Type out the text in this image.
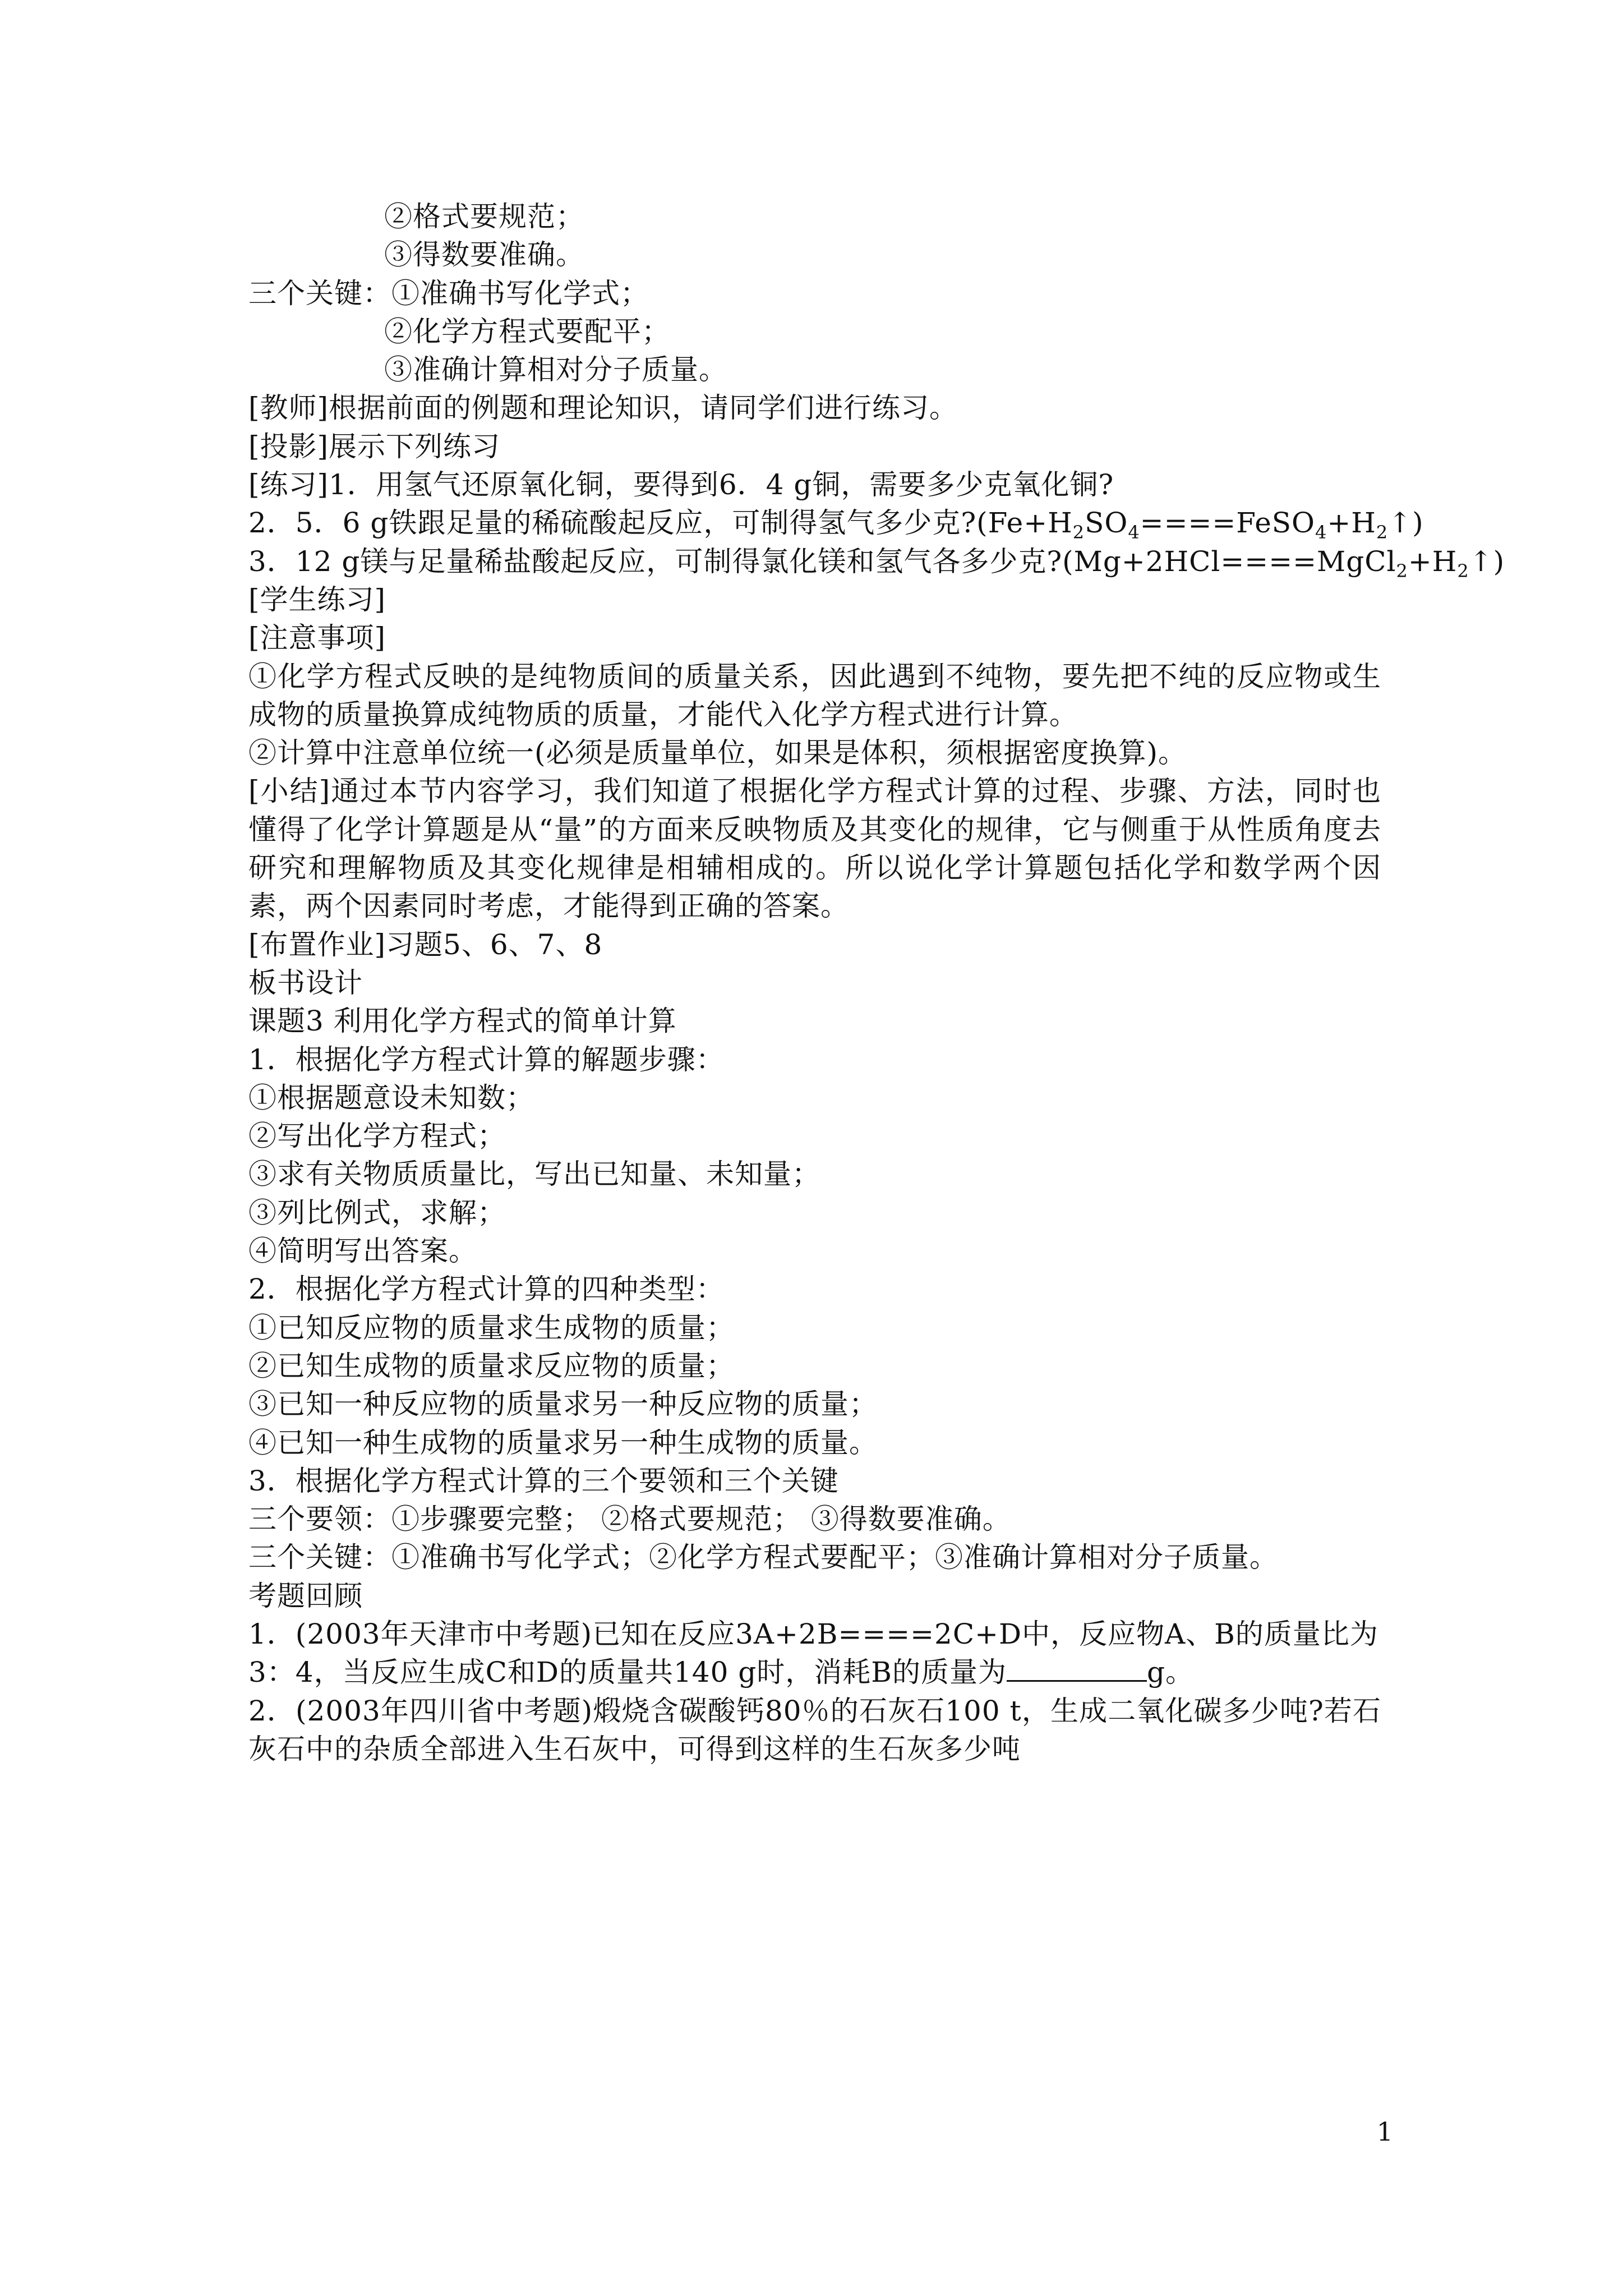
②格式要规范；
③得数要准确。
三个关键：①准确书写化学式；
②化学方程式要配平；
③准确计算相对分子质量。
[教师]根据前面的例题和理论知识，请同学们进行练习。
[投影]展示下列练习
[练习]1．用氢气还原氧化铜，要得到6．4 g铜，需要多少克氧化铜?
2．5．6 g铁跟足量的稀硫酸起反应，可制得氢气多少克$?(Fe+H_2SO_4====FeSO_4+H_2↑)$
3．12 g镁与足量稀盐酸起反应，可制得氯化镁和氢气各多少克$?(Mg+2HCl====MgCl_2+H_2↑)$
[学生练习]
[注意事项]
①化学方程式反映的是纯物质间的质量关系，因此遇到不纯物，要先把不纯的反应物或生成物的质量换算成纯物质的质量，才能代入化学方程式进行计算。
②计算中注意单位统一(必须是质量单位，如果是体积，须根据密度换算)。
[小结]通过本节内容学习，我们知道了根据化学方程式计算的过程、步骤、方法，同时也懂得了化学计算题是从“量”的方面来反映物质及其变化的规律，它与侧重于从性质角度去研究和理解物质及其变化规律是相辅相成的。所以说化学计算题包括化学和数学两个因素，两个因素同时考虑，才能得到正确的答案。
[布置作业]习题5、6、7、8
板书设计
课题3 利用化学方程式的简单计算
1．根据化学方程式计算的解题步骤：
①根据题意设未知数；
②写出化学方程式；
③求有关物质质量比，写出已知量、未知量；
③列比例式，求解；
④简明写出答案。
2．根据化学方程式计算的四种类型：
①已知反应物的质量求生成物的质量；
②已知生成物的质量求反应物的质量；
③已知一种反应物的质量求另一种反应物的质量；
④已知一种生成物的质量求另一种生成物的质量。
3．根据化学方程式计算的三个要领和三个关键
三个要领：①步骤要完整； ②格式要规范； ③得数要准确。
三个关键：①准确书写化学式；②化学方程式要配平；③准确计算相对分子质量。
考题回顾
1．(2003年天津市中考题)已知在反应3A+2B====2C+D中，反应物A、B的质量比为
3：4，当反应生成C和D的质量共140 g时，消耗B的质量为	g。
2．(2003年四川省中考题)煅烧含碳酸钙80％的石灰石100 t，生成二氧化碳多少吨?若石灰石中的杂质全部进入生石灰中，可得到这样的生石灰多少吨
1
